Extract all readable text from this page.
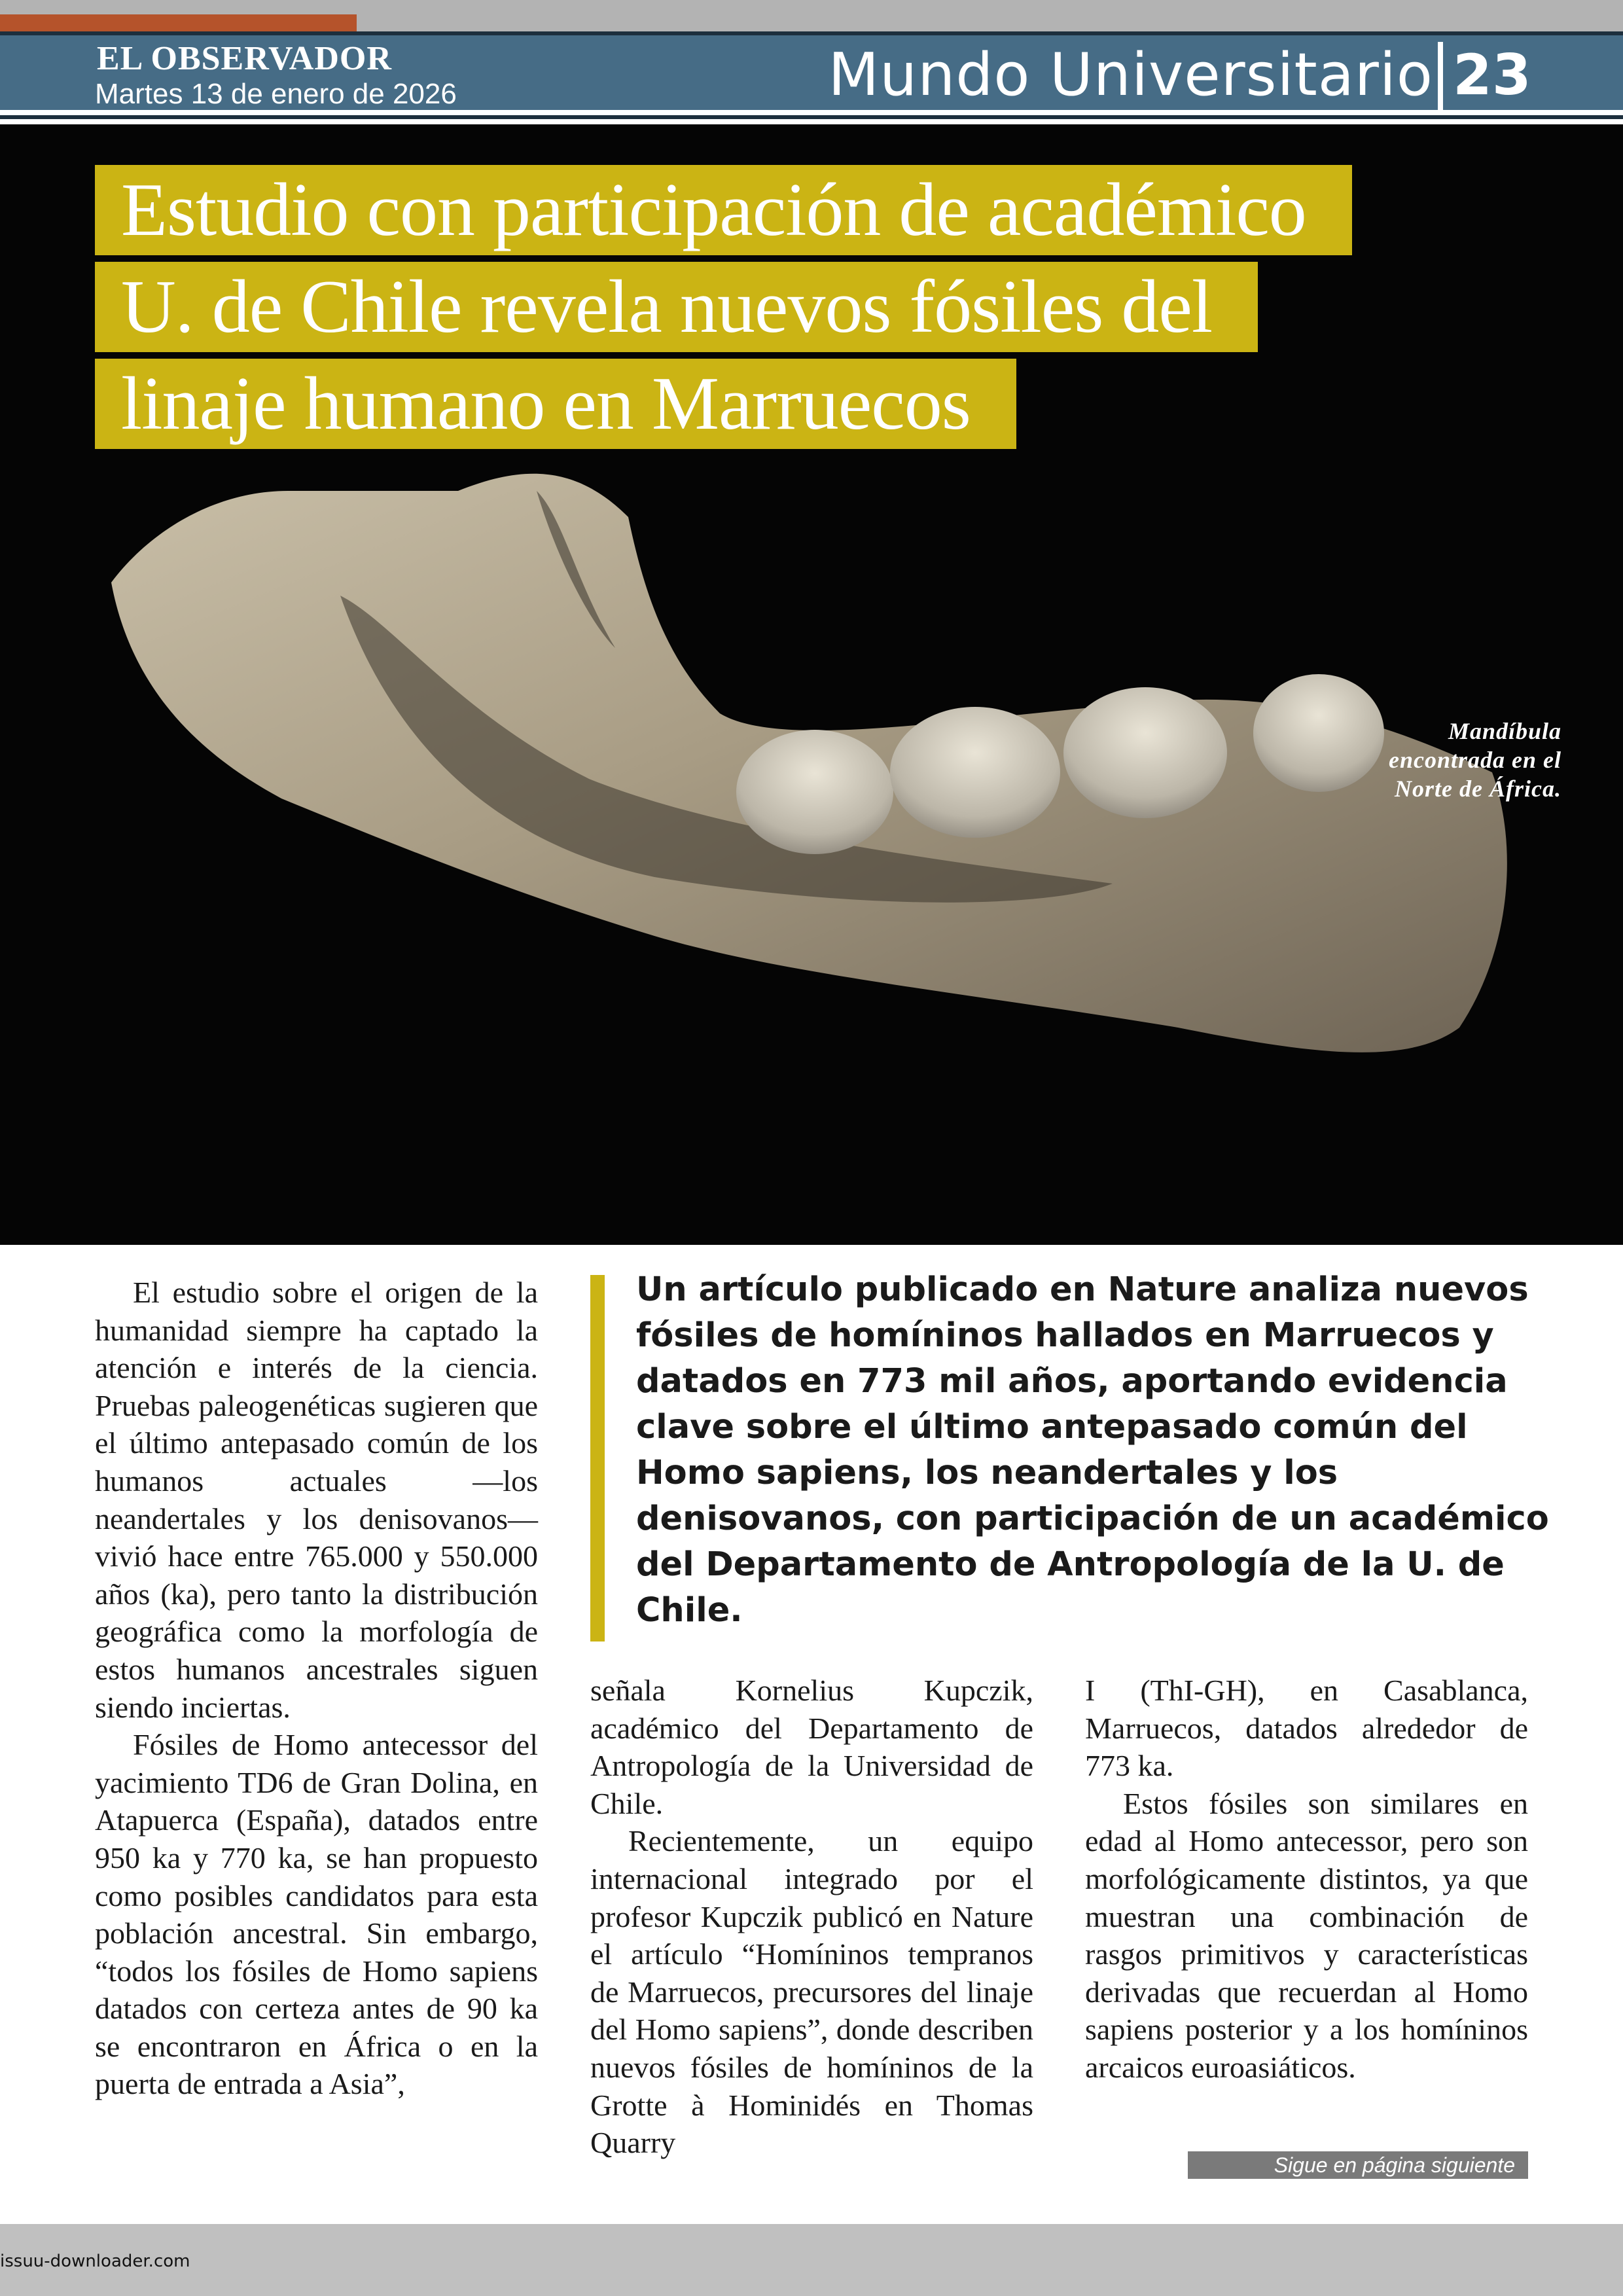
EL OBSERVADOR
Martes 13 de enero de 2026	Mundo Universitario 23
Mandíbula
encontrada en el
Norte de África.
Estudio con participación de académico
U. de Chile revela nuevos fósiles del
linaje humano en Marruecos
Un artículo publicado en Nature analiza nuevos fósiles de homíninos hallados en Marruecos y datados en 773 mil años, aportando evidencia clave sobre el último antepasado común del Homo sapiens, los neandertales y los denisovanos, con participación de un académico del Departamento de Antropología de la U. de Chile.

El estudio sobre el origen de la humanidad siempre ha captado la atención e interés de la ciencia. Pruebas paleogenéticas sugieren que el último antepasado común de los humanos actuales —los neandertales y los denisovanos— vivió hace entre 765.000 y 550.000 años (ka), pero tanto la distribución geográfica como la morfología de estos humanos ancestrales siguen siendo inciertas.

Fósiles de Homo antecessor del yacimiento TD6 de Gran Dolina, en Atapuerca (España), datados entre 950 ka y 770 ka, se han propuesto como posibles candidatos para esta población ancestral. Sin embargo, “todos los fósiles de Homo sapiens datados con certeza antes de 90 ka se encontraron en África o en la puerta de entrada a Asia”,

señala Kornelius Kupczik, académico del Departamento de Antropología de la Universidad de Chile.

Recientemente, un equipo internacional integrado por el profesor Kupczik publicó en Nature el artículo “Homíninos tempranos de Marruecos, precursores del linaje del Homo sapiens”, donde describen nuevos fósiles de homíninos de la Grotte à Hominidés en Thomas Quarry

I (ThI-GH), en Casablanca, Marruecos, datados alrededor de 773 ka.

Estos fósiles son similares en edad al Homo antecessor, pero son morfológicamente distintos, ya que muestran una combinación de rasgos primitivos y características derivadas que recuerdan al Homo sapiens posterior y a los homíninos arcaicos euroasiáticos.

Sigue en página siguiente
issuu-downloader.com
